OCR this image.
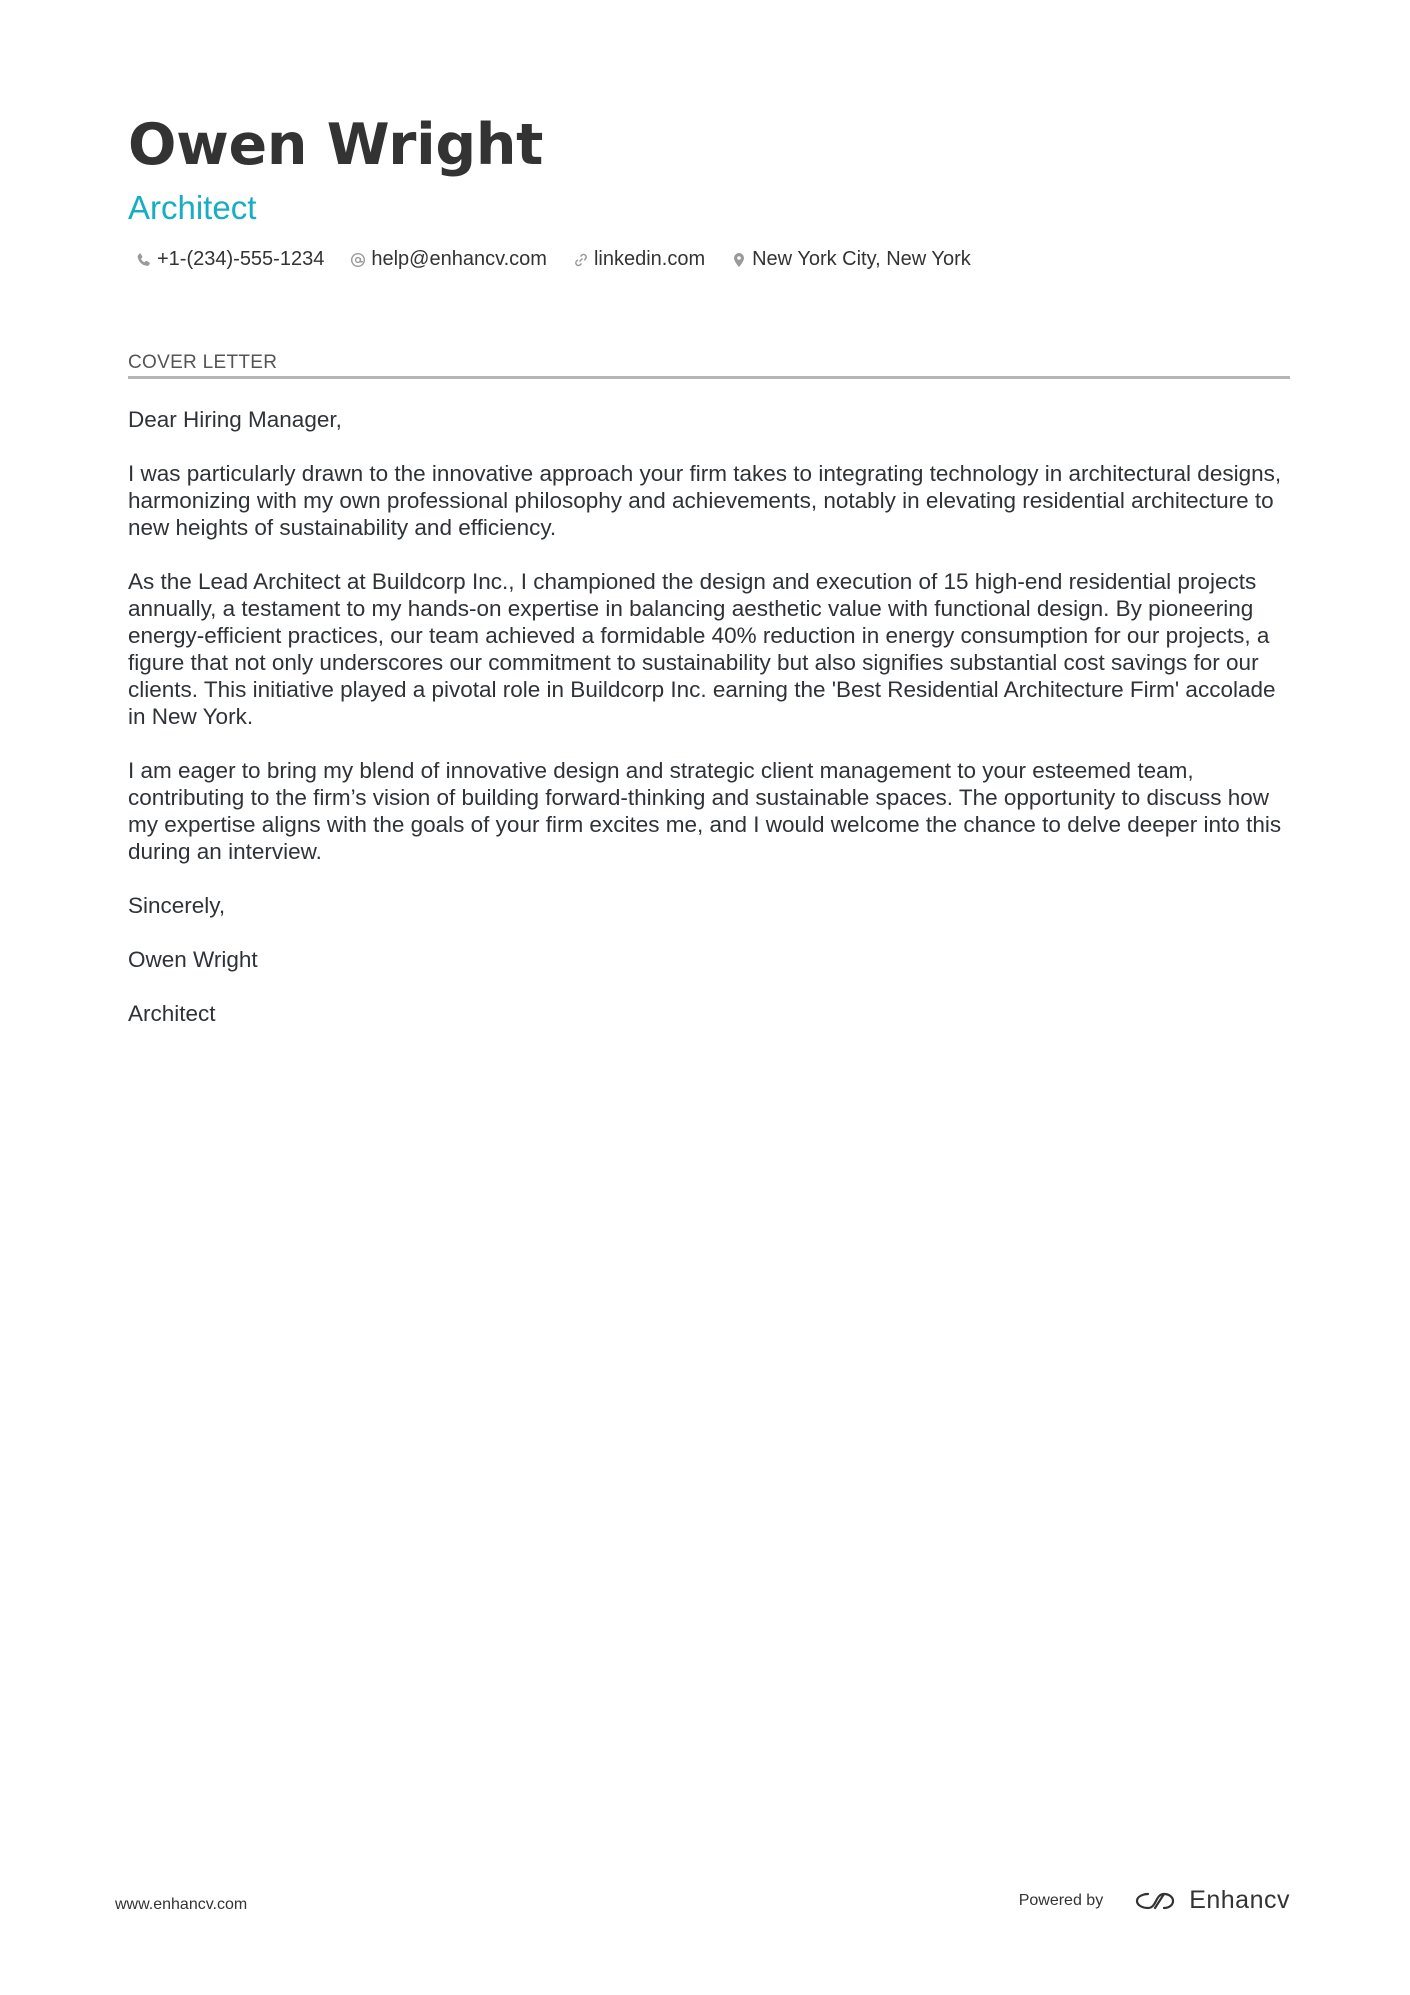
Owen Wright
Architect
+1-(234)-555-1234 help@enhancv.com linkedin.com New York City, New York
COVER LETTER

Dear Hiring Manager,

I was particularly drawn to the innovative approach your firm takes to integrating technology in architectural designs, harmonizing with my own professional philosophy and achievements, notably in elevating residential architecture to new heights of sustainability and efficiency.

As the Lead Architect at Buildcorp Inc., I championed the design and execution of 15 high-end residential projects annually, a testament to my hands-on expertise in balancing aesthetic value with functional design. By pioneering energy-efficient practices, our team achieved a formidable 40% reduction in energy consumption for our projects, a figure that not only underscores our commitment to sustainability but also signifies substantial cost savings for our clients. This initiative played a pivotal role in Buildcorp Inc. earning the 'Best Residential Architecture Firm' accolade in New York.

I am eager to bring my blend of innovative design and strategic client management to your esteemed team, contributing to the firm’s vision of building forward-thinking and sustainable spaces. The opportunity to discuss how my expertise aligns with the goals of your firm excites me, and I would welcome the chance to delve deeper into this during an interview.

Sincerely,

Owen Wright

Architect

www.enhancv.com	Powered by	Enhancv
